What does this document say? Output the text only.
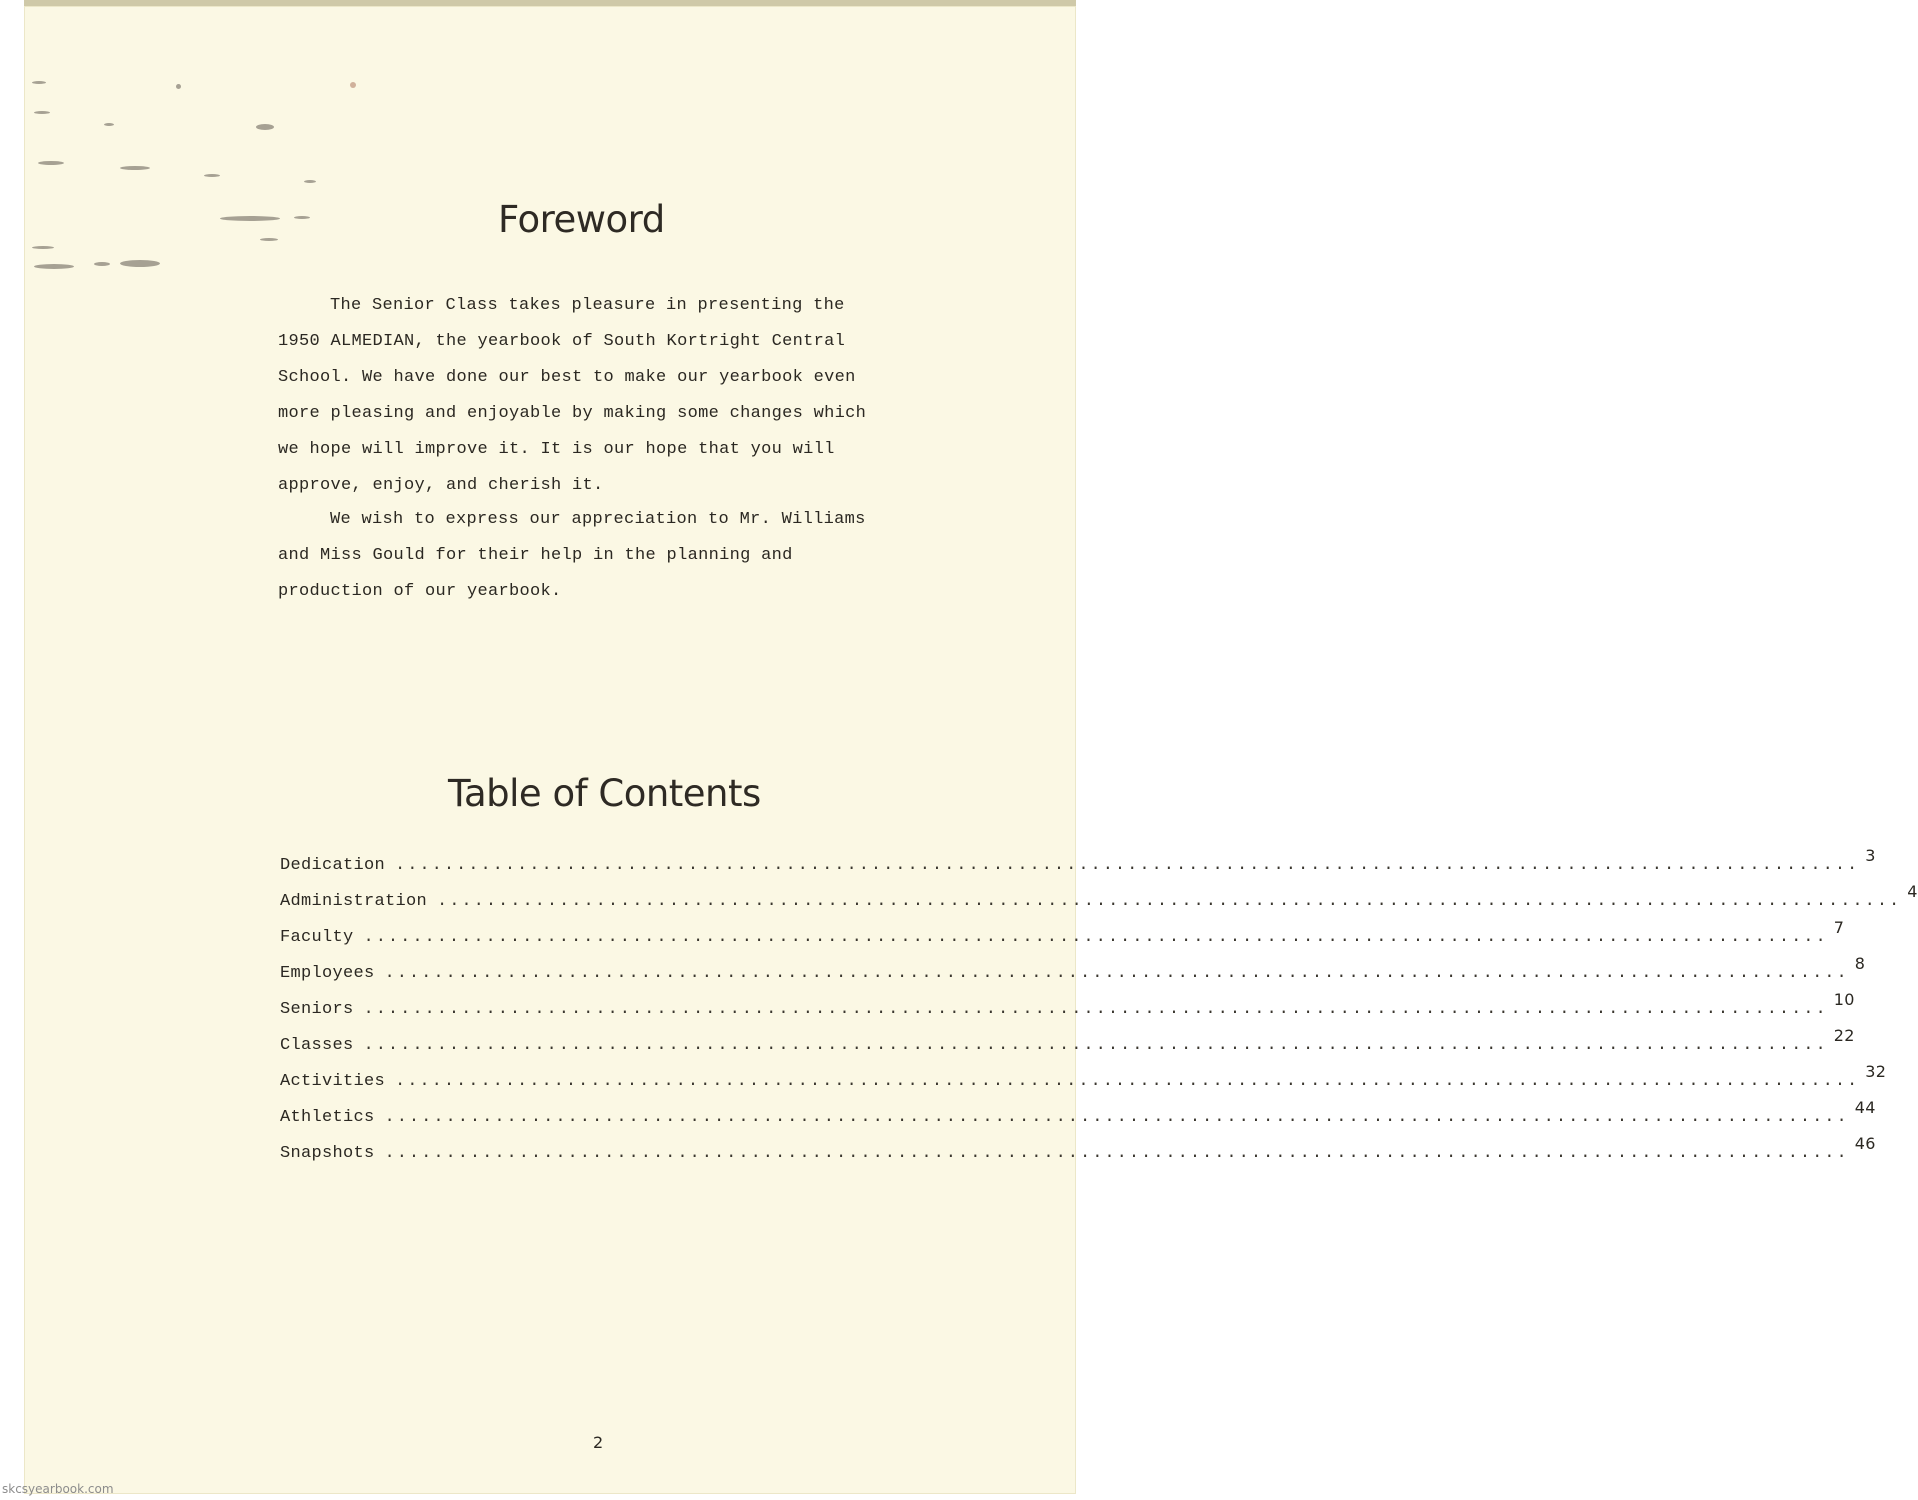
Foreword

The Senior Class takes pleasure in presenting the 1950 ALMEDIAN, the yearbook of South Kortright Central School. We have done our best to make our yearbook even more pleasing and enjoyable by making some changes which we hope will improve it. It is our hope that you will approve, enjoy, and cherish it.

We wish to express our appreciation to Mr. Williams and Miss Gould for their help in the planning and production of our yearbook.

Table of Contents
Dedication ........................................................................................................................
3
Administration ........................................................................................................................
4
Faculty ........................................................................................................................
7
Employees ........................................................................................................................
8
Seniors ........................................................................................................................
10
Classes ........................................................................................................................
22
Activities ........................................................................................................................
32
Athletics ........................................................................................................................
44
Snapshots ........................................................................................................................
46
2
skcsyearbook.com
